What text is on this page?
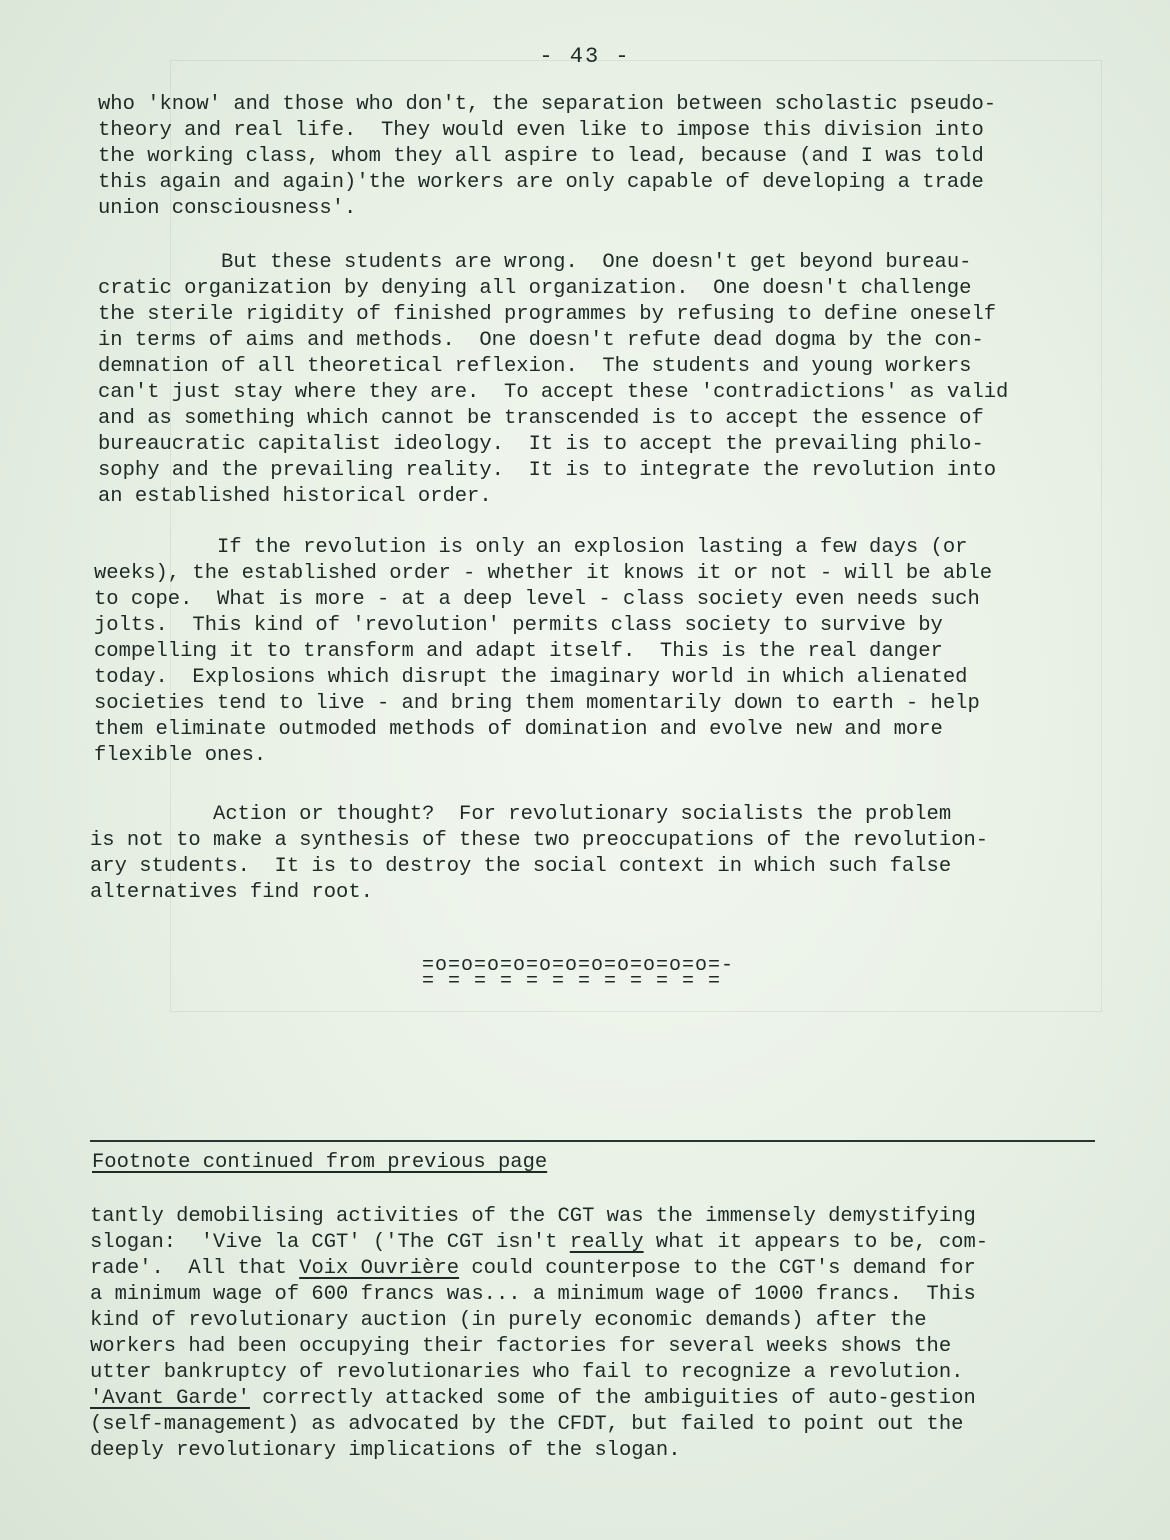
- 43 -

who 'know' and those who don't, the separation between scholastic pseudo-
theory and real life.  They would even like to impose this division into
the working class, whom they all aspire to lead, because (and I was told
this again and again)'the workers are only capable of developing a trade
union consciousness'.

But these students are wrong.  One doesn't get beyond bureau-
cratic organization by denying all organization.  One doesn't challenge
the sterile rigidity of finished programmes by refusing to define oneself
in terms of aims and methods.  One doesn't refute dead dogma by the con-
demnation of all theoretical reflexion.  The students and young workers
can't just stay where they are.  To accept these 'contradictions' as valid
and as something which cannot be transcended is to accept the essence of
bureaucratic capitalist ideology.  It is to accept the prevailing philo-
sophy and the prevailing reality.  It is to integrate the revolution into
an established historical order.

If the revolution is only an explosion lasting a few days (or
weeks), the established order - whether it knows it or not - will be able
to cope.  What is more - at a deep level - class society even needs such
jolts.  This kind of 'revolution' permits class society to survive by
compelling it to transform and adapt itself.  This is the real danger
today.  Explosions which disrupt the imaginary world in which alienated
societies tend to live - and bring them momentarily down to earth - help
them eliminate outmoded methods of domination and evolve new and more
flexible ones.

Action or thought?  For revolutionary socialists the problem
is not to make a synthesis of these two preoccupations of the revolution-
ary students.  It is to destroy the social context in which such false
alternatives find root.

=o=o=o=o=o=o=o=o=o=o=o=-
= = = = = = = = = = = =
Footnote continued from previous page

tantly demobilising activities of the CGT was the immensely demystifying
slogan:  'Vive la CGT' ('The CGT isn't really what it appears to be, com-
rade'.  All that Voix Ouvrière could counterpose to the CGT's demand for
a minimum wage of 600 francs was... a minimum wage of 1000 francs.  This
kind of revolutionary auction (in purely economic demands) after the
workers had been occupying their factories for several weeks shows the
utter bankruptcy of revolutionaries who fail to recognize a revolution.
'Avant Garde' correctly attacked some of the ambiguities of auto-gestion
(self-management) as advocated by the CFDT, but failed to point out the
deeply revolutionary implications of the slogan.
